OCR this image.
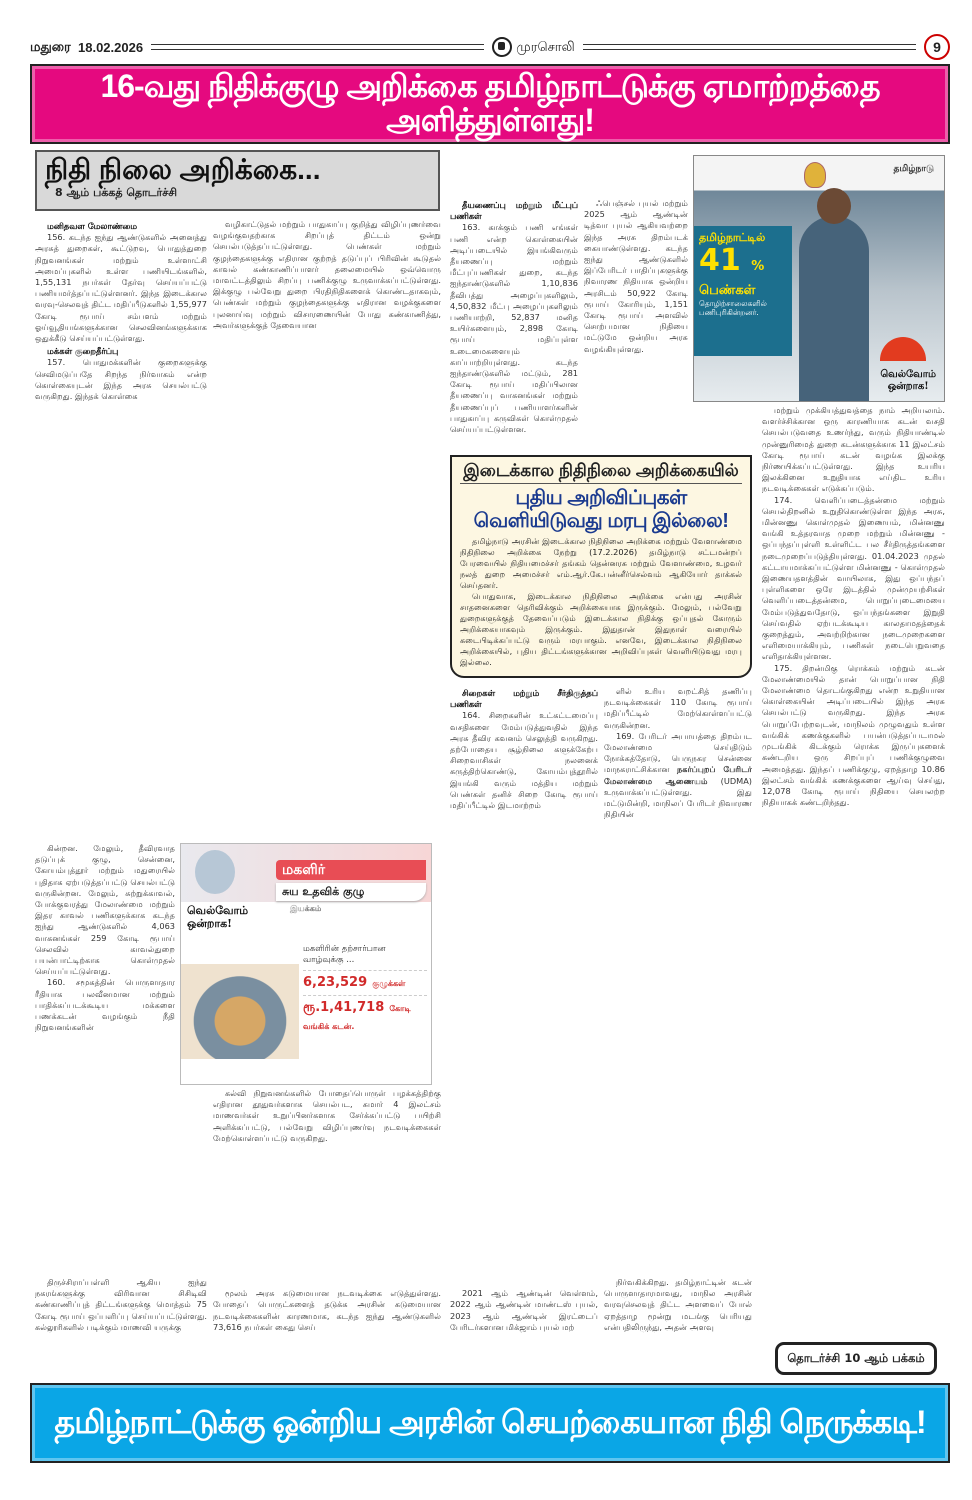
மதுரை
18.02.2026	முரசொலி	9
16-வது நிதிக்குழு அறிக்கை தமிழ்நாட்டுக்கு ஏமாற்றத்தை அளித்துள்ளது!
நிதி நிலை அறிக்கை...
8 ஆம் பக்கத் தொடர்ச்சி
மனிதவள மேலாண்மை

156. கடந்த ஐந்து ஆண்டுகளில் அனைத்து அரசுத் துறைகள், கூட்டுறவு, பொதுத்துறை நிறுவனங்கள் மற்றும் உள்ளாட்சி அமைப்புகளில் உள்ள பணியிடங்களில், 1,55,131 நபர்கள் தேர்வு செய்யப்பட்டு பணியமர்த்தப்பட்டுள்ளனர். இந்த இடைக்கால வரவு-செலவுத் திட்ட மதிப்பீடுகளில் 1,55,977 கோடி ரூபாய் சம்பளம் மற்றும் ஓய்வூதியங்களுக்கான செலவினங்களுக்காக ஒதுக்கீடு செய்யப்பட்டுள்ளது.

மக்கள் குறைதீர்ப்பு

157. பொதுமக்களின் குறைகளுக்கு செவிமடுப்பதே சிறந்த நிர்வாகம் என்ற கொள்கையுடன் இந்த அரசு செயல்பட்டு வருகிறது. இந்தக் கொள்கை

கின்றன. மேலும், தீவிரவாத தடுப்புக் குழு, சென்னை, கோயம்புத்தூர் மற்றும் மதுரையில் புதிதாக ஏற்படுத்தப்பட்டு செயல்பட்டு வருகின்றன. மேலும், சுற்றுக்காவல், போக்குவரத்து மேலாண்மை மற்றும் இதர காவல் பணிகளுக்காக கடந்த ஐந்து ஆண்டுகளில் 4,063 வாகனங்கள் 259 கோடி ரூபாய் செலவில் காவல்துறை பயன்பாட்டிற்காக கொள்முதல் செய்யப்பட்டுள்ளது.

160. சமூகத்தின் பொருளாதார ரீதியாக பலவீனமான மற்றும் பாதிக்கப்படக்கூடிய மக்களை பணக்கடன் வழங்கும் நீதி நிறுவனங்களின்

திருச்சிராப்பள்ளி ஆகிய ஐந்து நகரங்களுக்கு விரிவான சிசிடிவி கண்காணிப்புத் திட்டங்களுக்கு மொத்தம் 75 கோடி ரூபாய் ஒப்பளிப்பு செய்யப்பட்டுள்ளது. கல்லூரிகளில் படிக்கும் மாணவி யருக்கு

வழிகாட்டுதல் மற்றும் பாதுகாப்பு குறித்து விழிப்புணர்வை வழங்குவதற்காக சிறப்புத் திட்டம் ஒன்று செயல்படுத்தப்பட்டுள்ளது. பெண்கள் மற்றும் குழந்தைகளுக்கு எதிரான குற்றத் தடுப்புப் பிரிவின் கூடுதல் காவல் கண்காணிப்பாளர் தலைமையில் ஒவ்வொரு மாவட்டத்திலும் சிறப்பு பணிக்குழு உருவாக்கப்பட்டுள்ளது. இக்குழு பல்வேறு துறை பிரதிநிதிகளைக் கொண்டதாகவும், பெண்கள் மற்றும் குழந்தைகளுக்கு எதிரான வழக்குகளை புலனாய்வு மற்றும் விசாரணையின் போது கண்காணித்து, அவர்களுக்குத் தேவையான

கல்வி நிறுவனங்களில் போதைப்பொருள் பழக்கத்திற்கு எதிரான தூதுவர்களாக செயல்பட, சுமார் 4 இலட்சம் மாணவர்கள் உறுப்பினர்களாக சேர்க்கப்பட்டு பயிற்சி அளிக்கப்பட்டு, பல்வேறு விழிப்புணர்வு நடவடிக்கைகள் மேற்கொள்ளப்பட்டு வருகிறது.

மூலம் அரசு கடுமையான நடவடிக்கை எடுத்துள்ளது. போதைப் பொருட்களைத் தடுக்க அரசின் கடுமையான நடவடிக்கைகளின் காரணமாக, கடந்த ஐந்து ஆண்டுகளில் 73,616 நபர்கள் கைது செய்

தீயணைப்பு மற்றும் மீட்புப் பணிகள்

163. காக்கும் பணி எங்கள் பணி என்ற கொள்கையின் அடிப்படையில் இயங்கிவரும் தீயணைப்பு மற்றும் மீட்புப்பணிகள் துறை, கடந்த ஐந்தாண்டுகளில் 1,10,836 தீவிபத்து அழைப்புகளிலும், 4,50,832 மீட்பு அழைப்புகளிலும் பணியாற்றி, 52,837 மனித உயிர்களையும், 2,898 கோடி ரூபாய் மதிப்புள்ள உடைமைகளையும் காப்பாற்றியுள்ளது. கடந்த ஐந்தாண்டுகளில் மட்டும், 281 கோடி ரூபாய் மதிப்பிலான தீயணைப்பு வாகனங்கள் மற்றும் தீயணைப்புப் பணியாளர்களின் பாதுகாப்பு கருவிகள் கொள்முதல் செய்யப்பட்டுள்ளன.

சிறைகள் மற்றும் சீர்திருத்தப் பணிகள்

164. சிறைகளின் உட்கட்டமைப்பு வசதிகளை மேம்படுத்துவதில் இந்த அரசு தீவிர கவனம் செலுத்தி வருகிறது. தற்போதைய சூழ்நிலை களுக்கேற்ப சிறைவாசிகள் நலனைக் கருத்திற்கொண்டு, கோயம்புத்தூரில் இயங்கி வரும் மத்திய மற்றும் பெண்கள் தனிச் சிறை கோடி ரூபாய் மதிப்பீட்டில் இடமாற்றம்

2021 ஆம் ஆண்டின் வெள்ளம், 2022 ஆம் ஆண்டின் மாண்டஸ் புயல், 2023 ஆம் ஆண்டின் இரட்டைப் பேரிடர்களான மிக்ஜாம் புயல் மற்

ஃபெஞ்சல் புயல் மற்றும் 2025 ஆம் ஆண்டின் டித்வா புயல் ஆகியவற்றை இந்த அரசு திறம்படக் கையாண்டுள்ளது. கடந்த ஐந்து ஆண்டுகளில் இப்பேரிடர் பாதிப்புகளுக்கு நிவாரண நிதியாக ஒன்றிய அரசிடம் 50,922 கோடி ரூபாய் கோரியும், 1,151 கோடி ரூபாய் அளவில் சொற்பமான நிதியை மட்டுமே ஒன்றிய அரசு வழங்கியுள்ளது.

ளில் உரிய வறட்சித் தணிப்பு நடவடிக்கைகள் 110 கோடி ரூபாய் மதிப்பீட்டில் மேற்கொள்ளப்பட்டு வருகின்றன.

169. பேரிடர் அபாயத்தை திறம்பட மேலாண்மை செய்திடும் நோக்கத்தோடு, பெருநகர சென்னை மாநகராட்சிக்கான நகர்ப்புறப் பேரிடர் மேலாண்மை ஆணையம் (UDMA) உருவாக்கப்பட்டுள்ளது. இது மட்டுமின்றி, மாநிலப் பேரிடர் நிவாரண நிதியின்

நிர்வகிக்கிறது. தமிழ்நாட்டின் கடன் பொருளாதாரமாவது, மாநில அரசின் வரவுசெலவுத் திட்ட அளவைப் போல் ஏறத்தாழ மூன்று மடங்கு பெரியது என்பதிலிருந்து, அதன் அளவு

தமிழ்நாடு
தமிழ்நாட்டில்
41 %
பெண்கள்
தொழிற்சாலைகளில் பணிபுரிகின்றனர்.
வெல்வோம்
ஒன்றாக!

மற்றும் முக்கியத்துவத்தை நாம் அறியலாம். வளர்ச்சிக்கான ஒரு காரணியாக கடன் வசதி செயல்படுவதை உணர்ந்து, வரும் நிதியாண்டில் முன்னுரிமைத் துறை கடன்களுக்காக 11 இலட்சம் கோடி ரூபாய் கடன் வழங்க இலக்கு நிர்ணயிக்கப்பட்டுள்ளது. இந்த உயரிய இலக்கினை உறுதியாக எய்திட உரிய நடவடிக்கைகள் எடுக்கப்படும்.

174. வெளிப்படைத்தன்மை மற்றும் செயல்திறனில் உறுதிகொண்டுள்ள இந்த அரசு, மின்னணு கொள்முதல் இணையம், மின்னணு வங்கி உத்தரவாத முறை மற்றும் மின்னணு - ஒப்பந்தப்புள்ளி உள்ளிட்ட பல சீர்திருத்தங்களை நடைமுறைப்படுத்தியுள்ளது. 01.04.2023 முதல் கட்டாயமாக்கப்பட்டுள்ள மின்னணு - கொள்முதல் இணையதளத்தின் வாயிலாக, இது ஒப்பந்தப் புள்ளிகளை ஒரே இடத்தில் முன்முயற்சிகள் வெளிப்படைத்தன்மை, பொறுப்புடைமையை மேம்படுத்துவதோடு, ஒப்பந்தங்களை இறுதி செய்வதில் ஏற்படக்கூடிய காலதாமதத்தைக் குறைத்தும், அவற்றிற்கான நடைமுறைகளை எளிமையாக்கியும், பணிகள் நடைபெறுவதை எளிதாக்கியுள்ளன.

175. திறன்மிகு ரொக்கம் மற்றும் கடன் மேலாண்மையில் தான் பொறுப்பான நிதி மேலாண்மை தொடங்குகிறது என்ற உறுதியான கொள்கையின் அடிப்படையில் இந்த அரசு செயல்பட்டு வருகிறது. இந்த அரசு பொறுப்பேற்றவுடன், மாநிலம் முழுவதும் உள்ள வங்கிக் கணக்குகளில் பயன்படுத்தப்படாமல் முடங்கிக் கிடக்கும் ரொக்க இருப்புகளைக் கண்டறிய ஒரு சிறப்புப் பணிக்குழுவை அமைத்தது. இந்தப் பணிக்குழு, ஏறத்தாழ 10.86 இலட்சம் வங்கிக் கணக்குகளை ஆய்வு செய்து, 12,078 கோடி ரூபாய் நிதியை செயலற்ற நிதியாகக் கண்டறிந்தது.

இடைக்கால நிதிநிலை அறிக்கையில்
புதிய அறிவிப்புகள் வெளியிடுவது மரபு இல்லை!

தமிழ்நாடு அரசின் இடைக்கால நிதிநிலை அறிக்கை மற்றும் வேளாண்மை நிதிநிலை அறிக்கை நேற்று (17.2.2026) தமிழ்நாடு சட்டமன்றப் பேரவையில் நிதியமைச்சர் தங்கம் தென்னரசு மற்றும் வேளாண்மை, உழவர் நலத் துறை அமைச்சர் எம்.ஆர்.கே.பன்னீர்செல்வம் ஆகியோர் தாக்கல் செய்தனர்.

பொதுவாக, இடைக்கால நிதிநிலை அறிக்கை என்பது அரசின் சாதனைகளை தெரிவிக்கும் அறிக்கையாக இருக்கும். மேலும், பல்வேறு துறைகளுக்குத் தேவைப்படும் இடைக்கால நிதிக்கு ஒப்புதல் கோரும் அறிக்கையாகவும் இருக்கும். இதுதான் இதுநாள் வரையில் கடைபிடிக்கப்பட்டு வரும் மரபாகும். எனவே, இடைக்கால நிதிநிலை அறிக்கையில், புதிய திட்டங்களுக்கான அறிவிப்புகள் வெளியிடுவது மரபு இல்லை.

வெல்வோம்
ஒன்றாக!
மகளிர்
சுய உதவிக் குழு
இயக்கம்
மகளிரின் தற்சார்பான வாழ்வுக்கு ...
6,23,529 குழுக்கள்
ரூ.1,41,718 கோடி வங்கிக் கடன்.
தொடர்ச்சி 10 ஆம் பக்கம்
தமிழ்நாட்டுக்கு ஒன்றிய அரசின் செயற்கையான நிதி நெருக்கடி!
